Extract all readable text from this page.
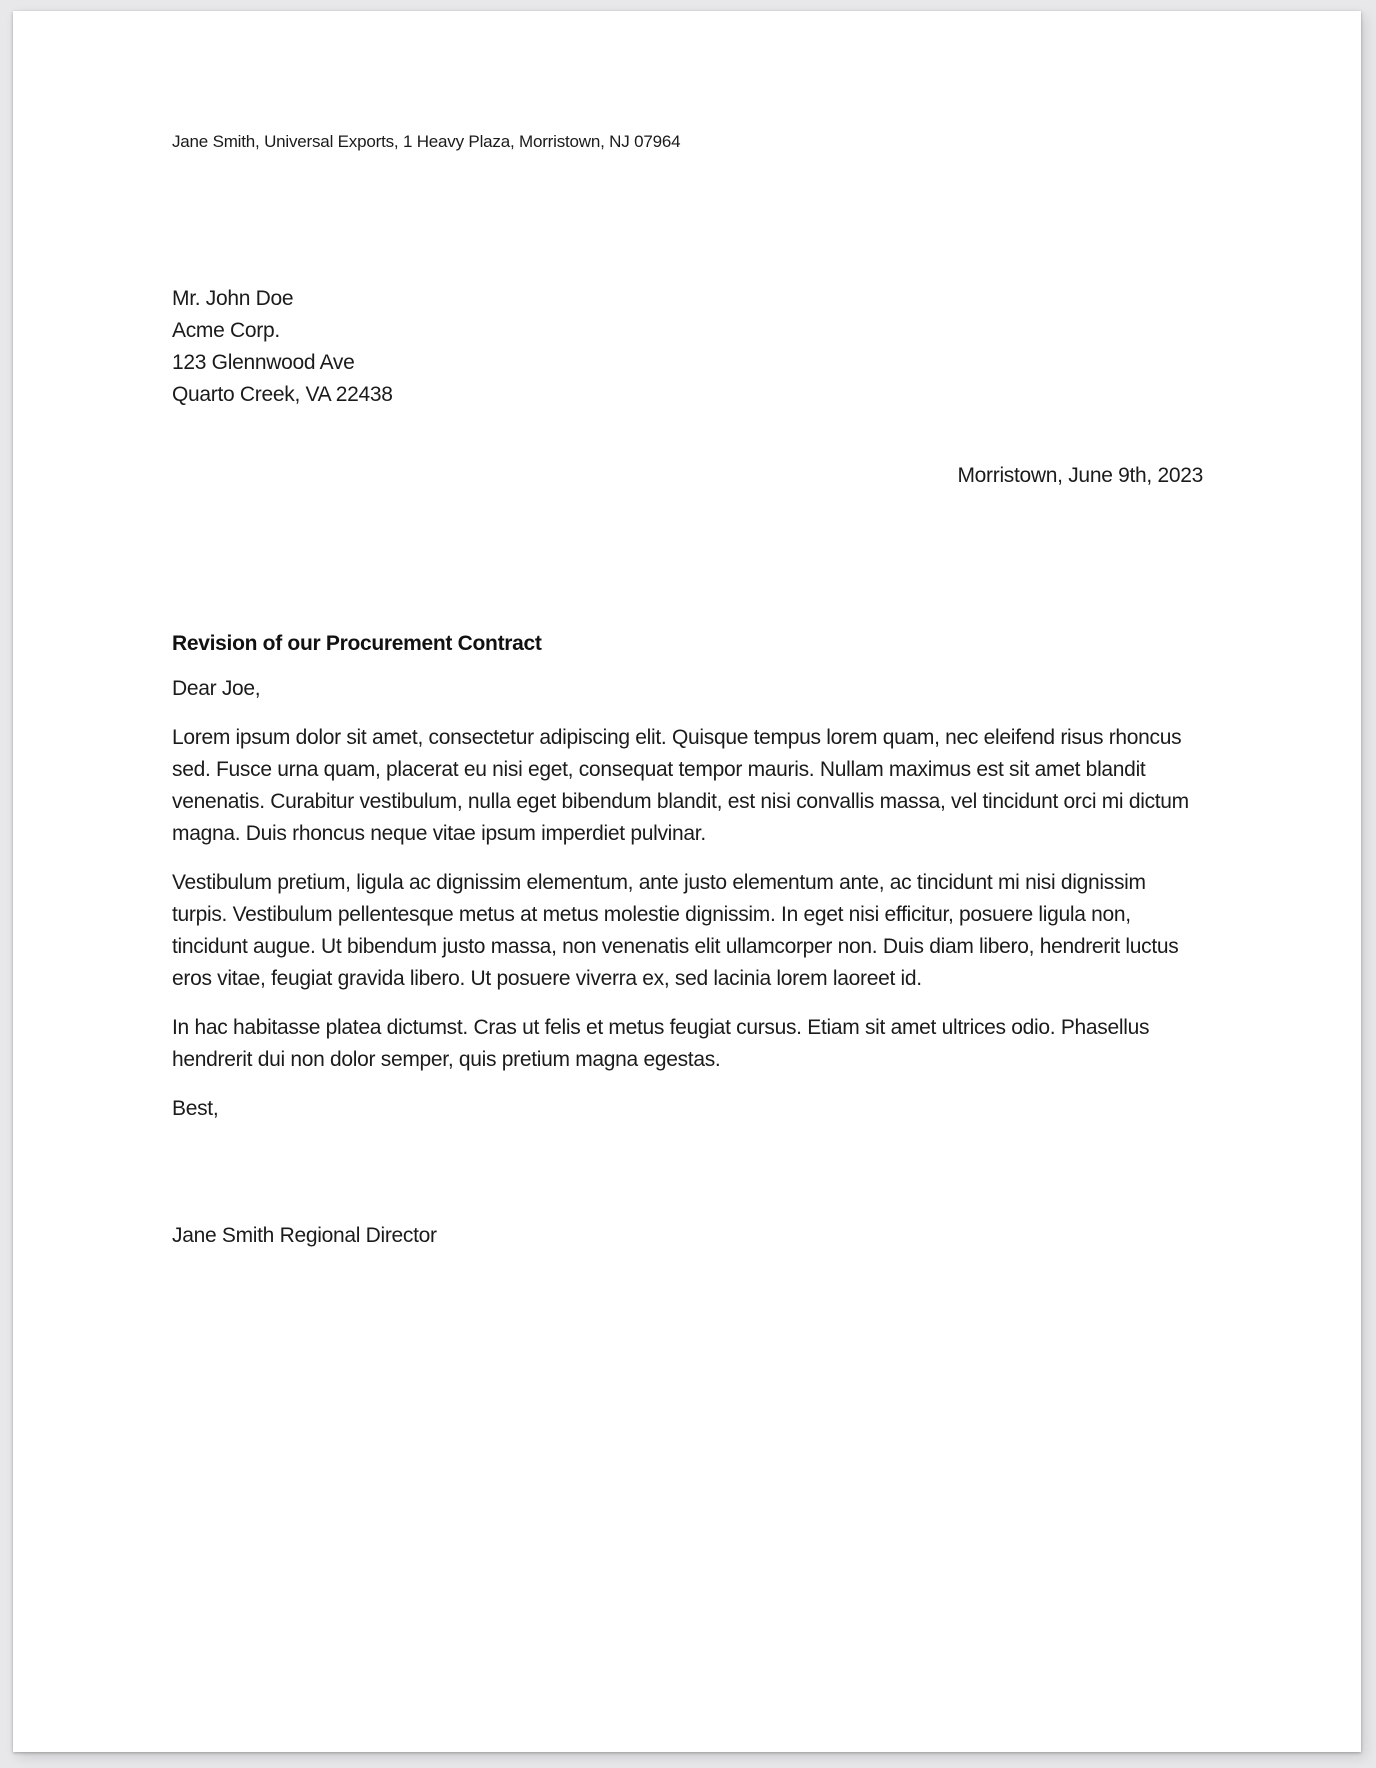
Jane Smith, Universal Exports, 1 Heavy Plaza, Morristown, NJ 07964
Mr. John Doe
Acme Corp.
123 Glennwood Ave
Quarto Creek, VA 22438
Morristown, June 9th, 2023
Revision of our Procurement Contract
Dear Joe,
Lorem ipsum dolor sit amet, consectetur adipiscing elit. Quisque tempus lorem quam, nec eleifend risus rhoncus sed. Fusce urna quam, placerat eu nisi eget, consequat tempor mauris. Nullam maximus est sit amet blandit venenatis. Curabitur vestibulum, nulla eget bibendum blandit, est nisi convallis massa, vel tincidunt orci mi dictum magna. Duis rhoncus neque vitae ipsum imperdiet pulvinar.
Vestibulum pretium, ligula ac dignissim elementum, ante justo elementum ante, ac tincidunt mi nisi dignissim turpis. Vestibulum pellentesque metus at metus molestie dignissim. In eget nisi efficitur, posuere ligula non, tincidunt augue. Ut bibendum justo massa, non venenatis elit ullamcorper non. Duis diam libero, hendrerit luctus eros vitae, feugiat gravida libero. Ut posuere viverra ex, sed lacinia lorem laoreet id.
In hac habitasse platea dictumst. Cras ut felis et metus feugiat cursus. Etiam sit amet ultrices odio. Phasellus hendrerit dui non dolor semper, quis pretium magna egestas.
Best,
Jane Smith Regional Director
